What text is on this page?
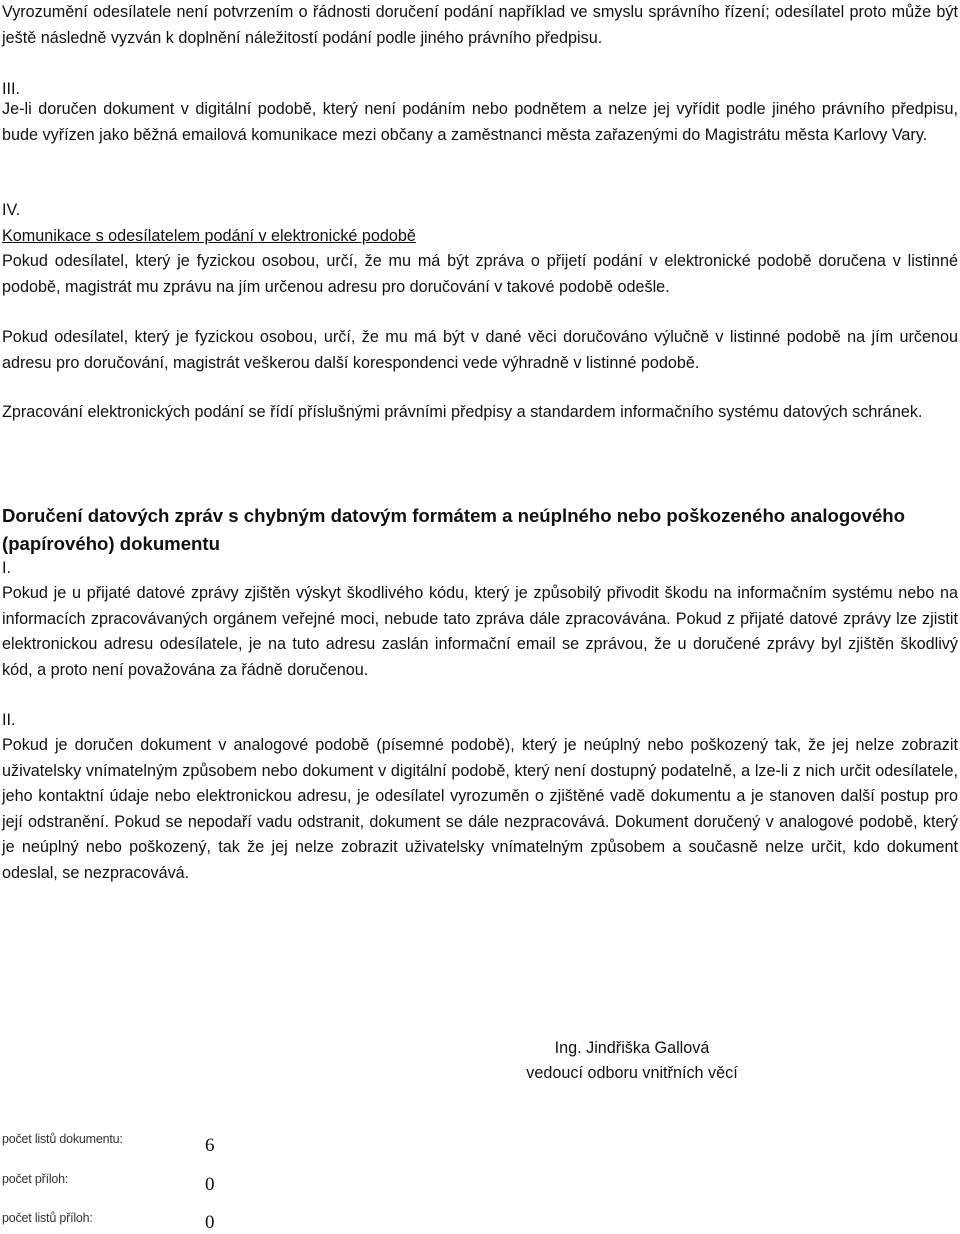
Vyrozumění odesílatele není potvrzením o řádnosti doručení podání například ve smyslu správního řízení; odesílatel proto může být ještě následně vyzván k doplnění náležitostí podání podle jiného právního předpisu.
III.
Je-li doručen dokument v digitální podobě, který není podáním nebo podnětem a nelze jej vyřídit podle jiného právního předpisu, bude vyřízen jako běžná emailová komunikace mezi občany a zaměstnanci města zařazenými do Magistrátu města Karlovy Vary.
IV.
Komunikace s odesílatelem podání v elektronické podobě
Pokud odesílatel, který je fyzickou osobou, určí, že mu má být zpráva o přijetí podání v elektronické podobě doručena v listinné podobě, magistrát mu zprávu na jím určenou adresu pro doručování v takové podobě odešle.
Pokud odesílatel, který je fyzickou osobou, určí, že mu má být v dané věci doručováno výlučně v listinné podobě na jím určenou adresu pro doručování, magistrát veškerou další korespondenci vede výhradně v listinné podobě.
Zpracování elektronických podání se řídí příslušnými právními předpisy a standardem informačního systému datových schránek.
Doručení datových zpráv s chybným datovým formátem a neúplného nebo poškozeného analogového (papírového) dokumentu
I.
Pokud je u přijaté datové zprávy zjištěn výskyt škodlivého kódu, který je způsobilý přivodit škodu na informačním systému nebo na informacích zpracovávaných orgánem veřejné moci, nebude tato zpráva dále zpracovávána. Pokud z přijaté datové zprávy lze zjistit elektronickou adresu odesílatele, je na tuto adresu zaslán informační email se zprávou, že u doručené zprávy byl zjištěn škodlivý kód, a proto není považována za řádně doručenou.
II.
Pokud je doručen dokument v analogové podobě (písemné podobě), který je neúplný nebo poškozený tak, že jej nelze zobrazit uživatelsky vnímatelným způsobem nebo dokument v digitální podobě, který není dostupný podatelně, a lze-li z nich určit odesílatele, jeho kontaktní údaje nebo elektronickou adresu, je odesílatel vyrozuměn o zjištěné vadě dokumentu a je stanoven další postup pro její odstranění. Pokud se nepodaří vadu odstranit, dokument se dále nezpracovává. Dokument doručený v analogové podobě, který je neúplný nebo poškozený, tak že jej nelze zobrazit uživatelsky vnímatelným způsobem a současně nelze určit, kdo dokument odeslal, se nezpracovává.
Ing. Jindřiška Gallová
vedoucí odboru vnitřních věcí
počet listů dokumentu:	6
počet příloh:	0
počet listů příloh:	0
